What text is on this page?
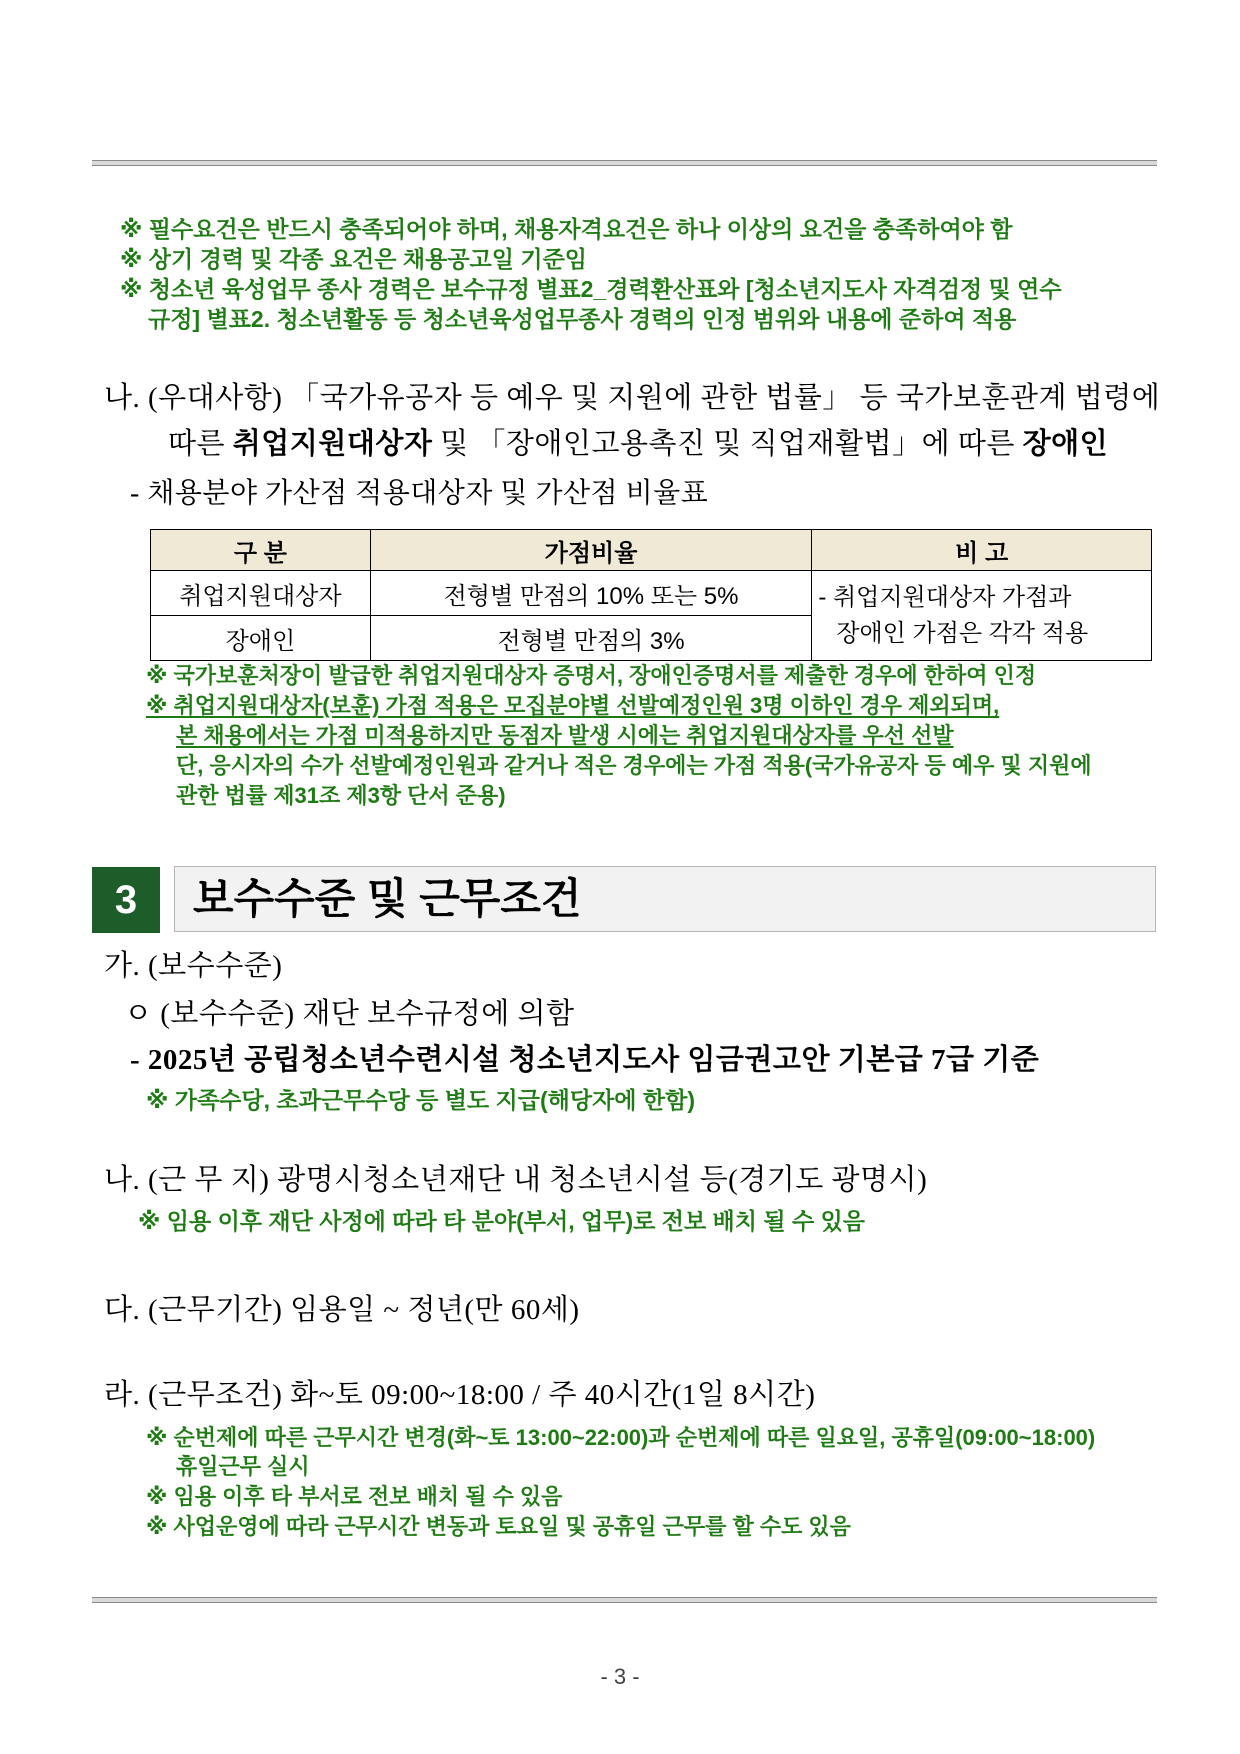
※ 필수요건은 반드시 충족되어야 하며, 채용자격요건은 하나 이상의 요건을 충족하여야 함
※ 상기 경력 및 각종 요건은 채용공고일 기준임
※ 청소년 육성업무 종사 경력은 보수규정 별표2_경력환산표와 [청소년지도사 자격검정 및 연수
규정] 별표2. 청소년활동 등 청소년육성업무종사 경력의 인정 범위와 내용에 준하여 적용
나. (우대사항) 「국가유공자 등 예우 및 지원에 관한 법률」 등 국가보훈관계 법령에
따른 취업지원대상자 및 「장애인고용촉진 및 직업재활법」에 따른 장애인
- 채용분야 가산점 적용대상자 및 가산점 비율표
구 분	가점비율	비 고
취업지원대상자	전형별 만점의 10% 또는 5%	- 취업지원대상자 가점과
장애인 가점은 각각 적용
장애인	전형별 만점의 3%	
※ 국가보훈처장이 발급한 취업지원대상자 증명서, 장애인증명서를 제출한 경우에 한하여 인정
※ 취업지원대상자(보훈) 가점 적용은 모집분야별 선발예정인원 3명 이하인 경우 제외되며,
본 채용에서는 가점 미적용하지만 동점자 발생 시에는 취업지원대상자를 우선 선발
단, 응시자의 수가 선발예정인원과 같거나 적은 경우에는 가점 적용(국가유공자 등 예우 및 지원에
관한 법률 제31조 제3항 단서 준용)
3	보수수준 및 근무조건
가. (보수수준)
ㅇ (보수수준) 재단 보수규정에 의함
- 2025년 공립청소년수련시설 청소년지도사 임금권고안 기본급 7급 기준
※ 가족수당, 초과근무수당 등 별도 지급(해당자에 한함)
나. (근 무 지) 광명시청소년재단 내 청소년시설 등(경기도 광명시)
※ 임용 이후 재단 사정에 따라 타 분야(부서, 업무)로 전보 배치 될 수 있음
다. (근무기간) 임용일 ~ 정년(만 60세)
라. (근무조건) 화~토 09:00~18:00 / 주 40시간(1일 8시간)
※ 순번제에 따른 근무시간 변경(화~토 13:00~22:00)과 순번제에 따른 일요일, 공휴일(09:00~18:00)
휴일근무 실시
※ 임용 이후 타 부서로 전보 배치 될 수 있음
※ 사업운영에 따라 근무시간 변동과 토요일 및 공휴일 근무를 할 수도 있음
- 3 -
